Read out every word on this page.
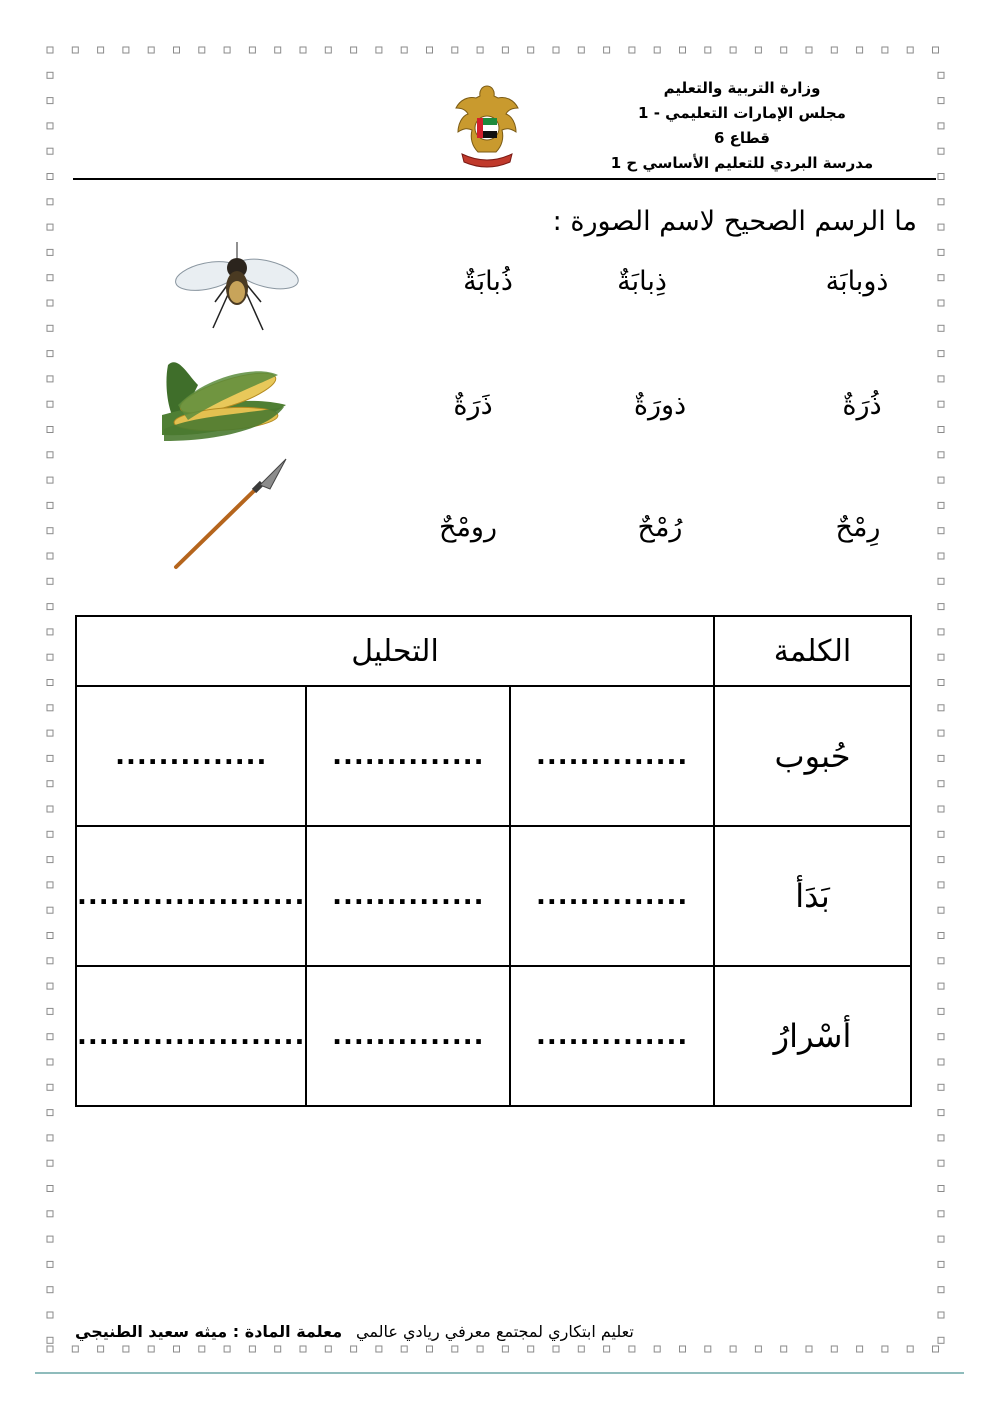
وزارة التربية والتعليم
مجلس الإمارات التعليمي - 1
قطاع 6
مدرسة البردي للتعليم الأساسي ح 1
ما الرسم الصحيح لاسم الصورة :
ذوبابَة
ذِبابَةٌ
ذُبابَةٌ
ذُرَةٌ
ذورَةٌ
ذَرَةٌ
رِمْحٌ
رُمْحٌ
رومْحٌ
الكلمة	التحليل		
حُبوب	..............	..............	..............
بَدَأ	..............	..............	.....................
أسْرارُ	..............	..............	.....................
تعليم ابتكاري لمجتمع معرفي ريادي عالمي
معلمة المادة : ميثه سعيد الطنيجي
